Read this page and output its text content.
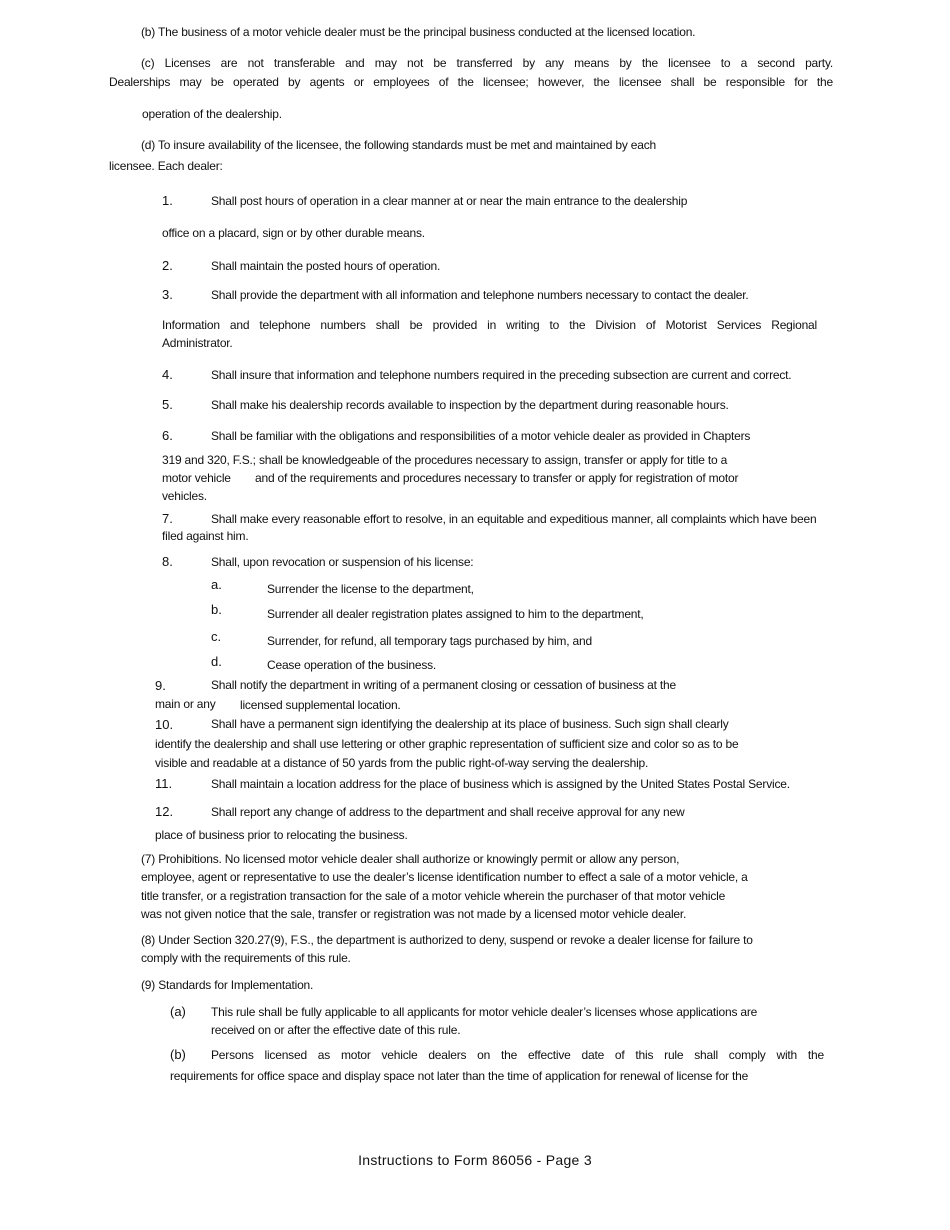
(b) The business of a motor vehicle dealer must be the principal business conducted at the licensed location.
(c) Licenses are not transferable and may not be transferred by any means by the licensee to a second party.
Dealerships may be operated by agents or employees of the licensee; however, the licensee shall be responsible for the
operation of the dealership.
(d) To insure availability of the licensee, the following standards must be met and maintained by each
licensee. Each dealer:
1.	Shall post hours of operation in a clear manner at or near the main entrance to the dealership
office on a placard, sign or by other durable means.
2.	Shall maintain the posted hours of operation.
3.	Shall provide the department with all information and telephone numbers necessary to contact the dealer.
Information and telephone numbers shall be provided in writing to the Division of Motorist Services Regional
Administrator.
4.	Shall insure that information and telephone numbers required in the preceding subsection are current and correct.
5.	Shall make his dealership records available to inspection by the department during reasonable hours.
6.	Shall be familiar with the obligations and responsibilities of a motor vehicle dealer as provided in Chapters
319 and 320, F.S.; shall be knowledgeable of the procedures necessary to assign, transfer or apply for title to a
motor vehicle and of the requirements and procedures necessary to transfer or apply for registration of motor
vehicles.
7.	Shall make every reasonable effort to resolve, in an equitable and expeditious manner, all complaints which have been
filed against him.
8.	Shall, upon revocation or suspension of his license:
a.	Surrender the license to the department,
b.	Surrender all dealer registration plates assigned to him to the department,
c.	Surrender, for refund, all temporary tags purchased by him, and
d.	Cease operation of the business.
9.	Shall notify the department in writing of a permanent closing or cessation of business at the
main or any licensed supplemental location.
10.	Shall have a permanent sign identifying the dealership at its place of business. Such sign shall clearly
identify the dealership and shall use lettering or other graphic representation of sufficient size and color so as to be
visible and readable at a distance of 50 yards from the public right-of-way serving the dealership.
11.	Shall maintain a location address for the place of business which is assigned by the United States Postal Service.
12.	Shall report any change of address to the department and shall receive approval for any new
place of business prior to relocating the business.
(7) Prohibitions. No licensed motor vehicle dealer shall authorize or knowingly permit or allow any person,
employee, agent or representative to use the dealer’s license identification number to effect a sale of a motor vehicle, a
title transfer, or a registration transaction for the sale of a motor vehicle wherein the purchaser of that motor vehicle
was not given notice that the sale, transfer or registration was not made by a licensed motor vehicle dealer.
(8) Under Section 320.27(9), F.S., the department is authorized to deny, suspend or revoke a dealer license for failure to
comply with the requirements of this rule.
(9) Standards for Implementation.
(a) This rule shall be fully applicable to all applicants for motor vehicle dealer’s licenses whose applications are
received on or after the effective date of this rule.
(b) Persons licensed as motor vehicle dealers on the effective date of this rule shall comply with the
requirements for office space and display space not later than the time of application for renewal of license for the
Instructions to Form 86056 - Page 3
